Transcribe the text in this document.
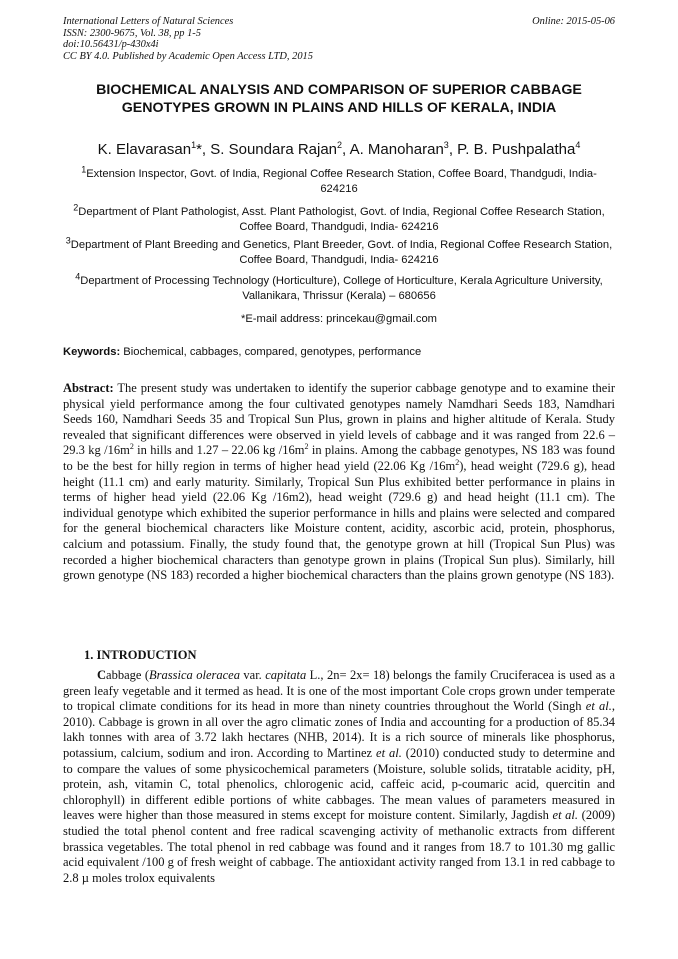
International Letters of Natural Sciences
ISSN: 2300-9675, Vol. 38, pp 1-5
doi:10.56431/p-430x4i
CC BY 4.0. Published by Academic Open Access LTD, 2015
Online: 2015-05-06
BIOCHEMICAL ANALYSIS AND COMPARISON OF SUPERIOR CABBAGE GENOTYPES GROWN IN PLAINS AND HILLS OF KERALA, INDIA
K. Elavarasan$^1$*, S. Soundara Rajan$^2$, A. Manoharan$^3$, P. B. Pushpalatha$^4$
$^1$Extension Inspector, Govt. of India, Regional Coffee Research Station, Coffee Board, Thandgudi, India- 624216
$^2$Department of Plant Pathologist, Asst. Plant Pathologist, Govt. of India, Regional Coffee Research Station, Coffee Board, Thandgudi, India- 624216
$^3$Department of Plant Breeding and Genetics, Plant Breeder, Govt. of India, Regional Coffee Research Station, Coffee Board, Thandgudi, India- 624216
$^4$Department of Processing Technology (Horticulture), College of Horticulture, Kerala Agriculture University, Vallanikara, Thrissur (Kerala) – 680656
*E-mail address: princekau@gmail.com
Keywords: Biochemical, cabbages, compared, genotypes, performance
Abstract: The present study was undertaken to identify the superior cabbage genotype and to examine their physical yield performance among the four cultivated genotypes namely Namdhari Seeds 183, Namdhari Seeds 160, Namdhari Seeds 35 and Tropical Sun Plus, grown in plains and higher altitude of Kerala. Study revealed that significant differences were observed in yield levels of cabbage and it was ranged from 22.6 – 29.3 kg $/16m^2$ in hills and 1.27 – 22.06 kg $/16m^2$ in plains. Among the cabbage genotypes, NS 183 was found to be the best for hilly region in terms of higher head yield (22.06 Kg $/16m^2$), head weight (729.6 g), head height (11.1 cm) and early maturity. Similarly, Tropical Sun Plus exhibited better performance in plains in terms of higher head yield (22.06 Kg /16m2), head weight (729.6 g) and head height (11.1 cm). The individual genotype which exhibited the superior performance in hills and plains were selected and compared for the general biochemical characters like Moisture content, acidity, ascorbic acid, protein, phosphorus, calcium and potassium. Finally, the study found that, the genotype grown at hill (Tropical Sun Plus) was recorded a higher biochemical characters than genotype grown in plains (Tropical Sun plus). Similarly, hill grown genotype (NS 183) recorded a higher biochemical characters than the plains grown genotype (NS 183).
1. INTRODUCTION
Cabbage (Brassica oleracea var. capitata L., 2n= 2x= 18) belongs the family Cruciferacea is used as a green leafy vegetable and it termed as head. It is one of the most important Cole crops grown under temperate to tropical climate conditions for its head in more than ninety countries throughout the World (Singh et al., 2010). Cabbage is grown in all over the agro climatic zones of India and accounting for a production of 85.34 lakh tonnes with area of 3.72 lakh hectares (NHB, 2014). It is a rich source of minerals like phosphorus, potassium, calcium, sodium and iron. According to Martinez et al. (2010) conducted study to determine and to compare the values of some physicochemical parameters (Moisture, soluble solids, titratable acidity, pH, protein, ash, vitamin C, total phenolics, chlorogenic acid, caffeic acid, p-coumaric acid, quercitin and chlorophyll) in different edible portions of white cabbages. The mean values of parameters measured in leaves were higher than those measured in stems except for moisture content. Similarly, Jagdish et al. (2009) studied the total phenol content and free radical scavenging activity of methanolic extracts from different brassica vegetables. The total phenol in red cabbage was found and it ranges from 18.7 to 101.30 mg gallic acid equivalent /100 g of fresh weight of cabbage. The antioxidant activity ranged from 13.1 in red cabbage to 2.8 µ moles trolox equivalents
